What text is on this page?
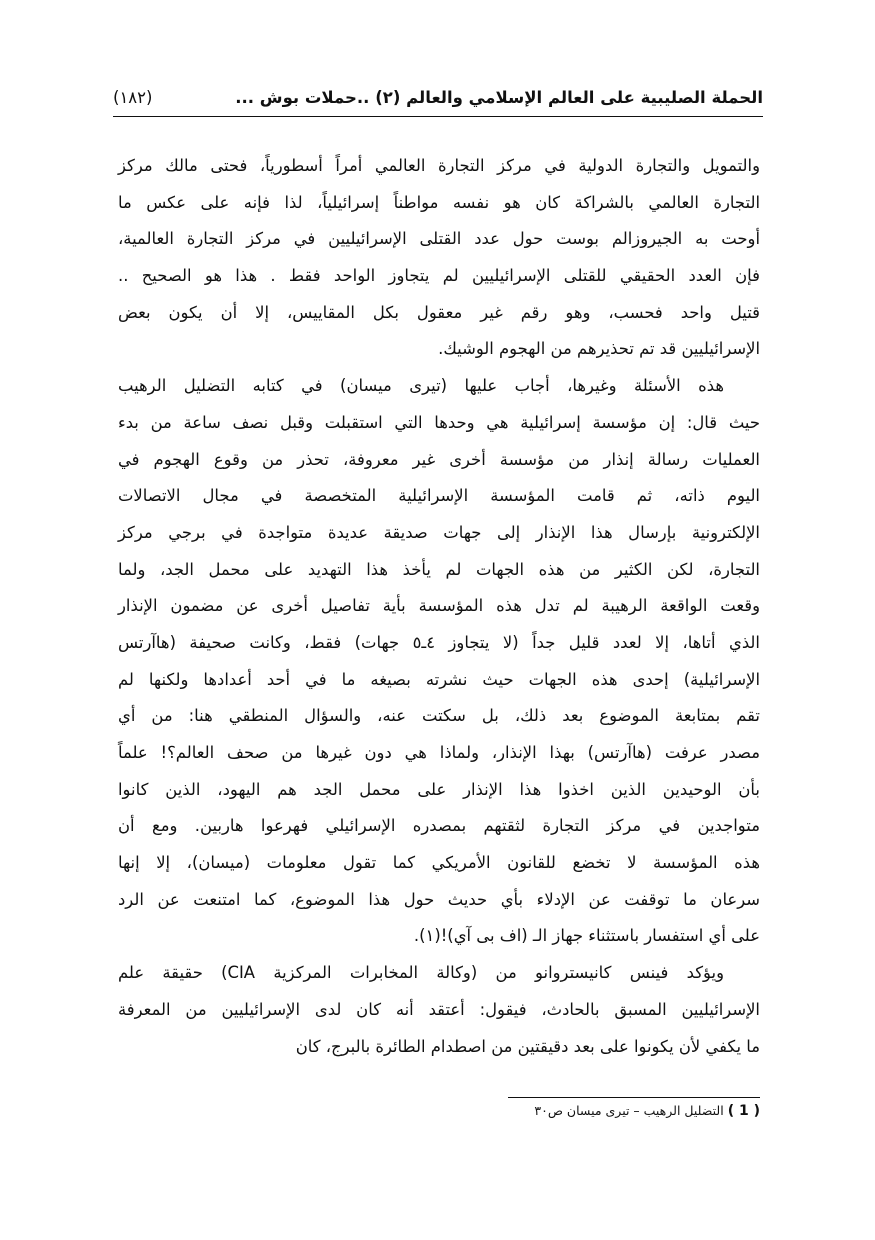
الحملة الصليبية على العالم الإسلامي والعالم (٢) ..حملات بوش ...
(١٨٢)
والتمويل والتجارة الدولية في مركز التجارة العالمي أمراً أسطورياً، فحتى مالك مركز
التجارة العالمي بالشراكة كان هو نفسه مواطناً إسرائيلياً، لذا فإنه على عكس ما
أوحت به الجيروزالم بوست حول عدد القتلى الإسرائيليين في مركز التجارة العالمية،
فإن العدد الحقيقي للقتلى الإسرائيليين لم يتجاوز الواحد فقط . هذا هو الصحيح ..
قتيل واحد فحسب، وهو رقم غير معقول بكل المقاييس، إلا أن يكون بعض
الإسرائيليين قد تم تحذيرهم من الهجوم الوشيك.
هذه الأسئلة وغيرها، أجاب عليها (تيرى ميسان) في كتابه التضليل الرهيب
حيث قال: إن مؤسسة إسرائيلية هي وحدها التي استقبلت وقبل نصف ساعة من بدء
العمليات رسالة إنذار من مؤسسة أخرى غير معروفة، تحذر من وقوع الهجوم في
اليوم ذاته، ثم قامت المؤسسة الإسرائيلية المتخصصة في مجال الاتصالات
الإلكترونية بإرسال هذا الإنذار إلى جهات صديقة عديدة متواجدة في برجي مركز
التجارة، لكن الكثير من هذه الجهات لم يأخذ هذا التهديد على محمل الجد، ولما
وقعت الواقعة الرهيبة لم تدل هذه المؤسسة بأية تفاصيل أخرى عن مضمون الإنذار
الذي أتاها، إلا لعدد قليل جداً (لا يتجاوز ٤ـ٥ جهات) فقط، وكانت صحيفة (هاآرتس
الإسرائيلية) إحدى هذه الجهات حيث نشرته بصيغه ما في أحد أعدادها ولكنها لم
تقم بمتابعة الموضوع بعد ذلك، بل سكتت عنه، والسؤال المنطقي هنا: من أي
مصدر عرفت (هاآرتس) بهذا الإنذار، ولماذا هي دون غيرها من صحف العالم؟! علماً
بأن الوحيدين الذين اخذوا هذا الإنذار على محمل الجد هم اليهود، الذين كانوا
متواجدين في مركز التجارة لثقتهم بمصدره الإسرائيلي فهرعوا هاربين. ومع أن
هذه المؤسسة لا تخضع للقانون الأمريكي كما تقول معلومات (ميسان)، إلا إنها
سرعان ما توقفت عن الإدلاء بأي حديث حول هذا الموضوع، كما امتنعت عن الرد
على أي استفسار باستثناء جهاز الـ (اف بى آي)!(١).
ويؤكد فينس كانيستروانو من (وكالة المخابرات المركزية CIA) حقيقة علم
الإسرائيليين المسبق بالحادث، فيقول: أعتقد أنه كان لدى الإسرائيليين من المعرفة
ما يكفي لأن يكونوا على بعد دقيقتين من اصطدام الطائرة بالبرج، كان
( 1 ) التضليل الرهيب – تيرى ميسان ص٣٠
